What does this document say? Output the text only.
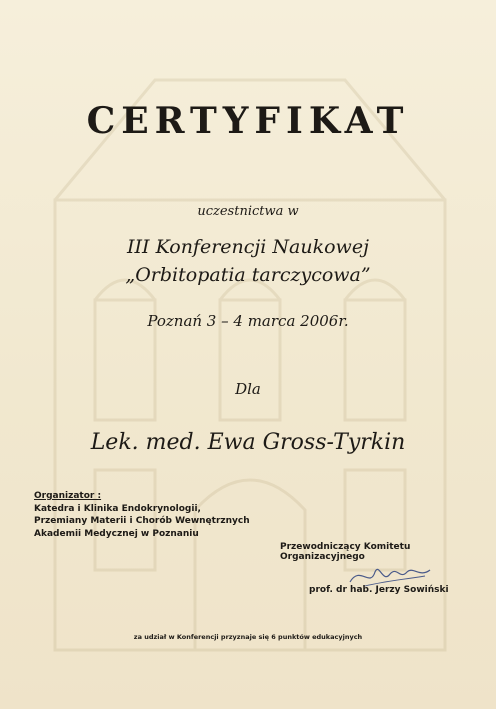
CERTYFIKAT
uczestnictwa w
III Konferencji Naukowej
„Orbitopatia tarczycowa”
Poznań 3 – 4 marca 2006r.
Dla
Lek. med. Ewa Gross-Tyrkin
Organizator :
Katedra i Klinika Endokrynologii,
Przemiany Materii i Chorób Wewnętrznych
Akademii Medycznej w Poznaniu
Przewodniczący Komitetu Organizacyjnego
prof. dr hab. Jerzy Sowiński
za udział w Konferencji przyznaje się 6 punktów edukacyjnych
